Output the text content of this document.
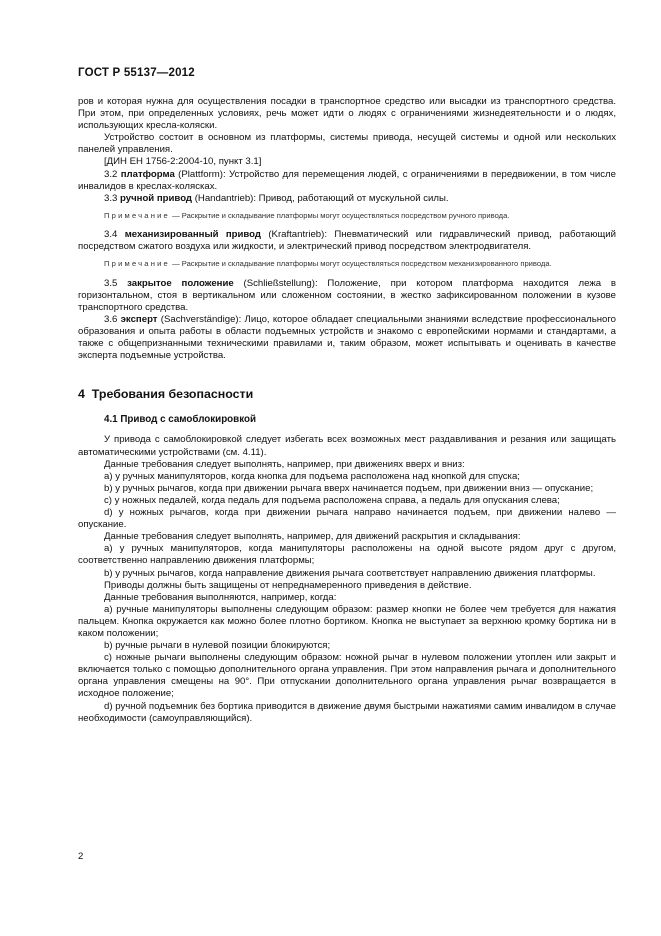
ГОСТ Р 55137—2012

ров и которая нужна для осуществления посадки в транспортное средство или высадки из транспортного средства. При этом, при определенных условиях, речь может идти о людях с ограничениями жизнедеятельности и о людях, использующих кресла-коляски.

Устройство состоит в основном из платформы, системы привода, несущей системы и одной или нескольких панелей управления.

[ДИН ЕН 1756-2:2004-10, пункт 3.1]

3.2 платформа (Plattform): Устройство для перемещения людей, с ограничениями в передвижении, в том числе инвалидов в креслах-колясках.

3.3 ручной привод (Handantrieb): Привод, работающий от мускульной силы.

Примечание — Раскрытие и складывание платформы могут осуществляться посредством ручного привода.

3.4 механизированный привод (Kraftantrieb): Пневматический или гидравлический привод, работающий посредством сжатого воздуха или жидкости, и электрический привод посредством электродвигателя.

Примечание — Раскрытие и складывание платформы могут осуществляться посредством механизированного привода.

3.5 закрытое положение (Schließstellung): Положение, при котором платформа находится лежа в горизонтальном, стоя в вертикальном или сложенном состоянии, в жестко зафиксированном положении в кузове транспортного средства.

3.6 эксперт (Sachverständige): Лицо, которое обладает специальными знаниями вследствие профессионального образования и опыта работы в области подъемных устройств и знакомо с европейскими нормами и стандартами, а также с общепризнанными техническими правилами и, таким образом, может испытывать и оценивать в качестве эксперта подъемные устройства.

4 Требования безопасности
4.1 Привод с самоблокировкой

У привода с самоблокировкой следует избегать всех возможных мест раздавливания и резания или защищать автоматическими устройствами (см. 4.11).

Данные требования следует выполнять, например, при движениях вверх и вниз:

a) у ручных манипуляторов, когда кнопка для подъема расположена над кнопкой для спуска;

b) у ручных рычагов, когда при движении рычага вверх начинается подъем, при движении вниз — опускание;

c) у ножных педалей, когда педаль для подъема расположена справа, а педаль для опускания слева;

d) у ножных рычагов, когда при движении рычага направо начинается подъем, при движении налево — опускание.

Данные требования следует выполнять, например, для движений раскрытия и складывания:

a) у ручных манипуляторов, когда манипуляторы расположены на одной высоте рядом друг с другом, соответственно направлению движения платформы;

b) у ручных рычагов, когда направление движения рычага соответствует направлению движения платформы.

Приводы должны быть защищены от непреднамеренного приведения в действие.

Данные требования выполняются, например, когда:

a) ручные манипуляторы выполнены следующим образом: размер кнопки не более чем требуется для нажатия пальцем. Кнопка окружается как можно более плотно бортиком. Кнопка не выступает за верхнюю кромку бортика ни в каком положении;

b) ручные рычаги в нулевой позиции блокируются;

c) ножные рычаги выполнены следующим образом: ножной рычаг в нулевом положении утоплен или закрыт и включается только с помощью дополнительного органа управления. При этом направления рычага и дополнительного органа управления смещены на 90°. При отпускании дополнительного органа управления рычаг возвращается в исходное положение;

d) ручной подъемник без бортика приводится в движение двумя быстрыми нажатиями самим инвалидом в случае необходимости (самоуправляющийся).

2
